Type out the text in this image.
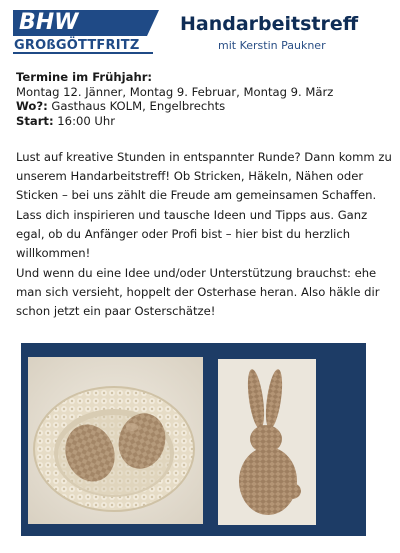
BHW
GROßGÖTTFRITZ
Handarbeitstreff
mit Kerstin Paukner
Termine im Frühjahr:
Montag 12. Jänner, Montag 9. Februar, Montag 9. März
Wo?: Gasthaus KOLM, Engelbrechts
Start: 16:00 Uhr
Lust auf kreative Stunden in entspannter Runde? Dann komm zu
unserem Handarbeitstreff! Ob Stricken, Häkeln, Nähen oder
Sticken – bei uns zählt die Freude am gemeinsamen Schaffen.
Lass dich inspirieren und tausche Ideen und Tipps aus. Ganz
egal, ob du Anfänger oder Profi bist – hier bist du herzlich
willkommen!
Und wenn du eine Idee und/oder Unterstützung brauchst: ehe
man sich versieht, hoppelt der Osterhase heran. Also häkle dir
schon jetzt ein paar Osterschätze!
